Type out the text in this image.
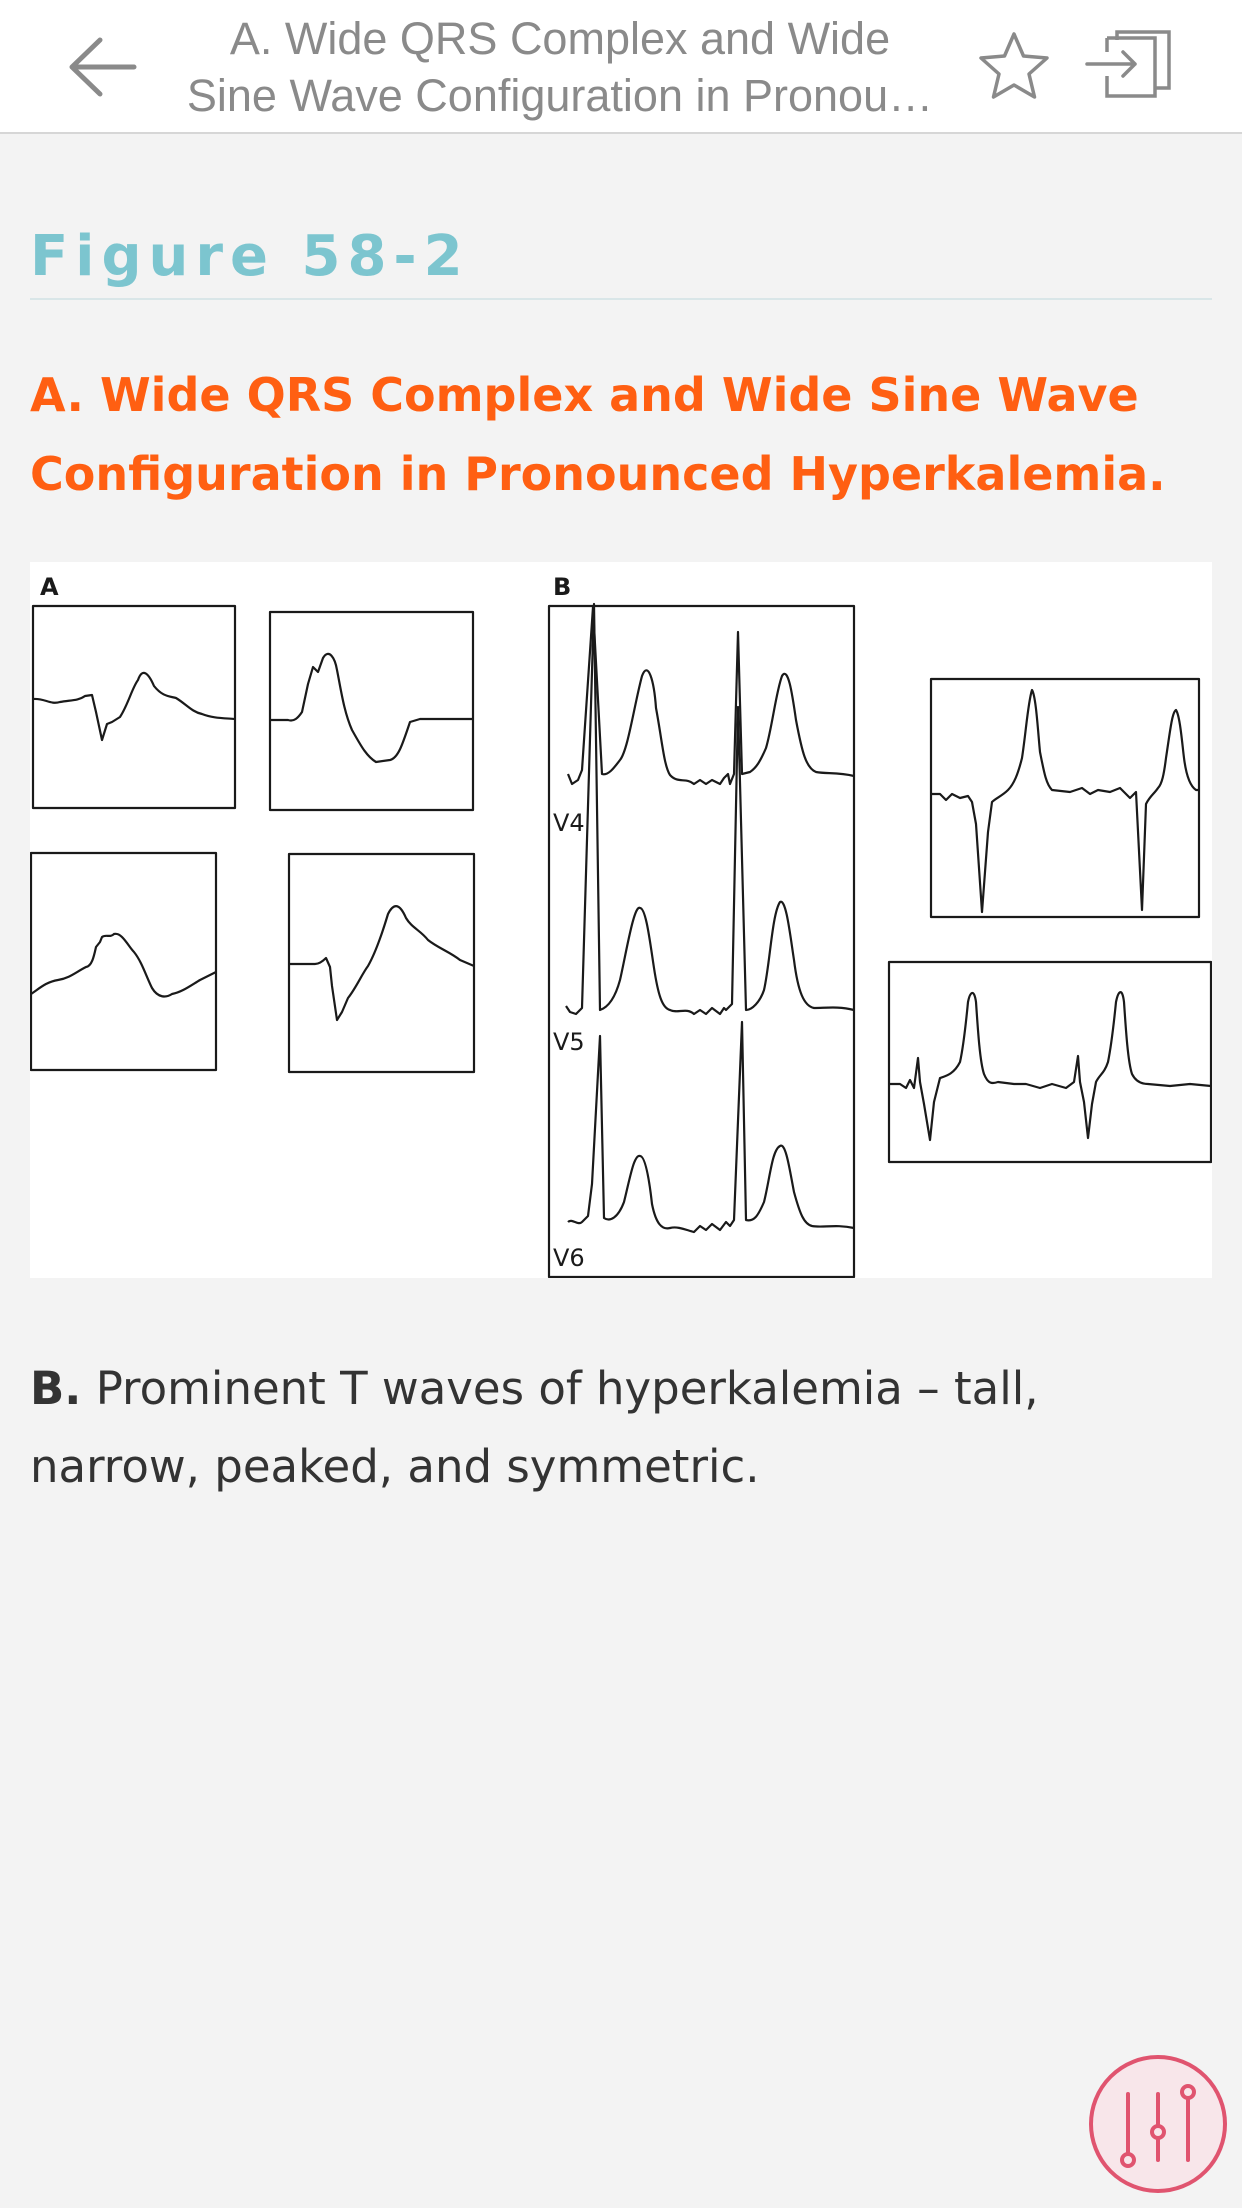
A. Wide QRS Complex and Wide
Sine Wave Configuration in Pronou…
Figure 58-2
A. Wide QRS Complex and Wide Sine Wave Configuration in Pronounced Hyperkalemia.
A	B
V4
V5
V6
B. Prominent T waves of hyperkalemia – tall, narrow, peaked, and symmetric.
